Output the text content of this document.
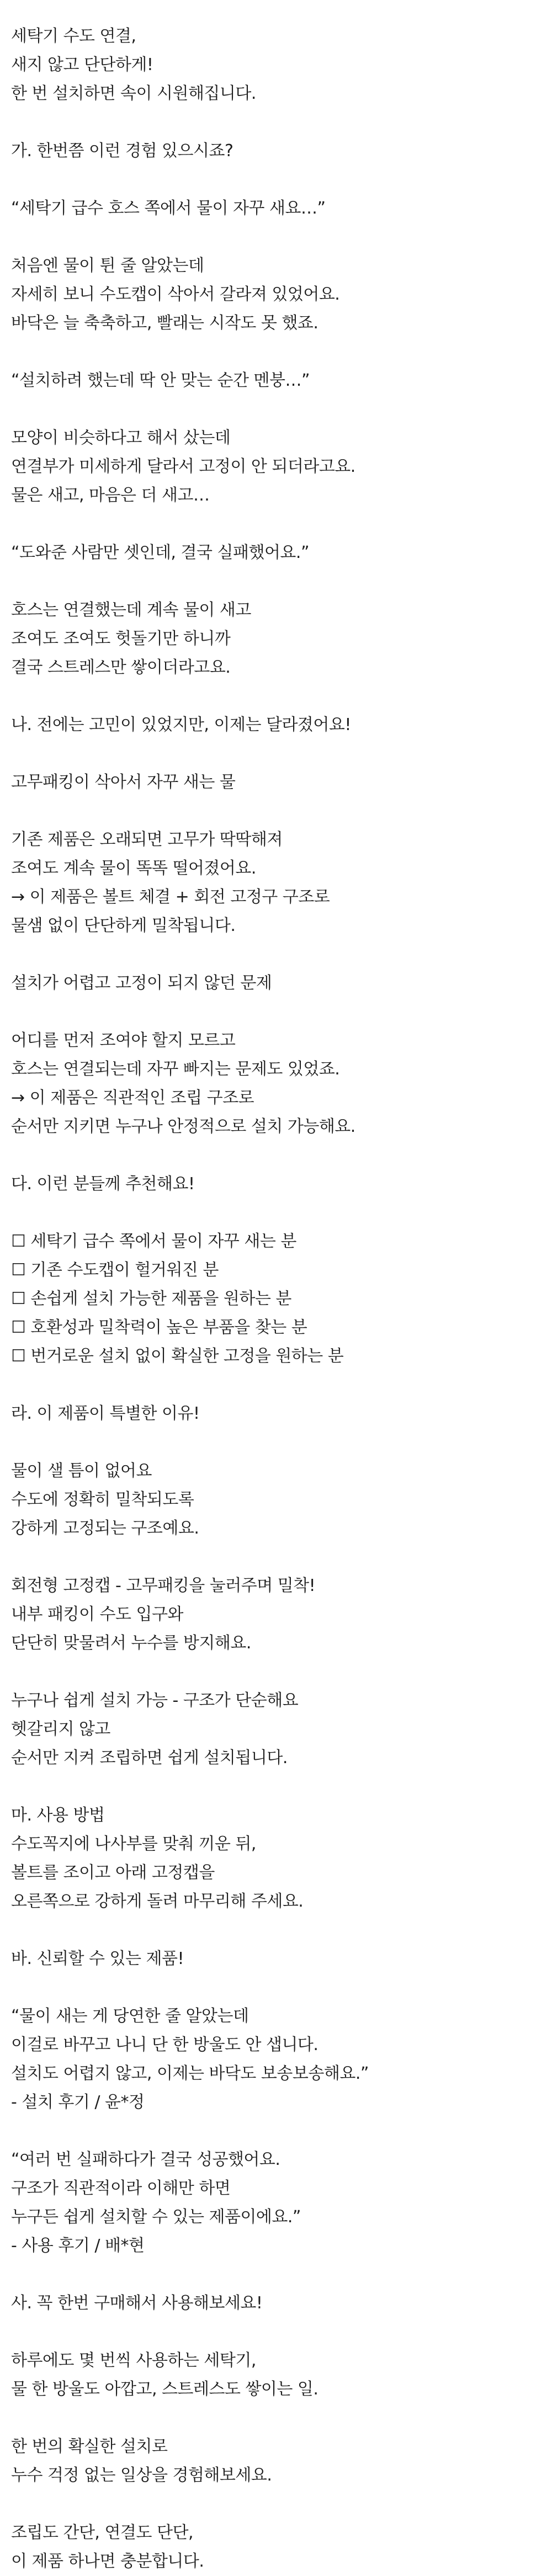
세탁기 수도 연결,
새지 않고 단단하게!
한 번 설치하면 속이 시원해집니다.
가. 한번쯤 이런 경험 있으시죠?
“세탁기 급수 호스 쪽에서 물이 자꾸 새요…”
처음엔 물이 튄 줄 알았는데
자세히 보니 수도캡이 삭아서 갈라져 있었어요.
바닥은 늘 축축하고, 빨래는 시작도 못 했죠.
“설치하려 했는데 딱 안 맞는 순간 멘붕…”
모양이 비슷하다고 해서 샀는데
연결부가 미세하게 달라서 고정이 안 되더라고요.
물은 새고, 마음은 더 새고…
“도와준 사람만 셋인데, 결국 실패했어요.”
호스는 연결했는데 계속 물이 새고
조여도 조여도 헛돌기만 하니까
결국 스트레스만 쌓이더라고요.
나. 전에는 고민이 있었지만, 이제는 달라졌어요!
고무패킹이 삭아서 자꾸 새는 물
기존 제품은 오래되면 고무가 딱딱해져
조여도 계속 물이 똑똑 떨어졌어요.
→ 이 제품은 볼트 체결 + 회전 고정구 구조로
물샘 없이 단단하게 밀착됩니다.
설치가 어렵고 고정이 되지 않던 문제
어디를 먼저 조여야 할지 모르고
호스는 연결되는데 자꾸 빠지는 문제도 있었죠.
→ 이 제품은 직관적인 조립 구조로
순서만 지키면 누구나 안정적으로 설치 가능해요.
다. 이런 분들께 추천해요!
☐ 세탁기 급수 쪽에서 물이 자꾸 새는 분
☐ 기존 수도캡이 헐거워진 분
☐ 손쉽게 설치 가능한 제품을 원하는 분
☐ 호환성과 밀착력이 높은 부품을 찾는 분
☐ 번거로운 설치 없이 확실한 고정을 원하는 분
라. 이 제품이 특별한 이유!
물이 샐 틈이 없어요
수도에 정확히 밀착되도록
강하게 고정되는 구조예요.
회전형 고정캡 - 고무패킹을 눌러주며 밀착!
내부 패킹이 수도 입구와
단단히 맞물려서 누수를 방지해요.
누구나 쉽게 설치 가능 - 구조가 단순해요
헷갈리지 않고
순서만 지켜 조립하면 쉽게 설치됩니다.
마. 사용 방법
수도꼭지에 나사부를 맞춰 끼운 뒤,
볼트를 조이고 아래 고정캡을
오른쪽으로 강하게 돌려 마무리해 주세요.
바. 신뢰할 수 있는 제품!
“물이 새는 게 당연한 줄 알았는데
이걸로 바꾸고 나니 단 한 방울도 안 샙니다.
설치도 어렵지 않고, 이제는 바닥도 보송보송해요.”
- 설치 후기 / 윤*정
“여러 번 실패하다가 결국 성공했어요.
구조가 직관적이라 이해만 하면
누구든 쉽게 설치할 수 있는 제품이에요.”
- 사용 후기 / 배*현
사. 꼭 한번 구매해서 사용해보세요!
하루에도 몇 번씩 사용하는 세탁기,
물 한 방울도 아깝고, 스트레스도 쌓이는 일.
한 번의 확실한 설치로
누수 걱정 없는 일상을 경험해보세요.
조립도 간단, 연결도 단단,
이 제품 하나면 충분합니다.
